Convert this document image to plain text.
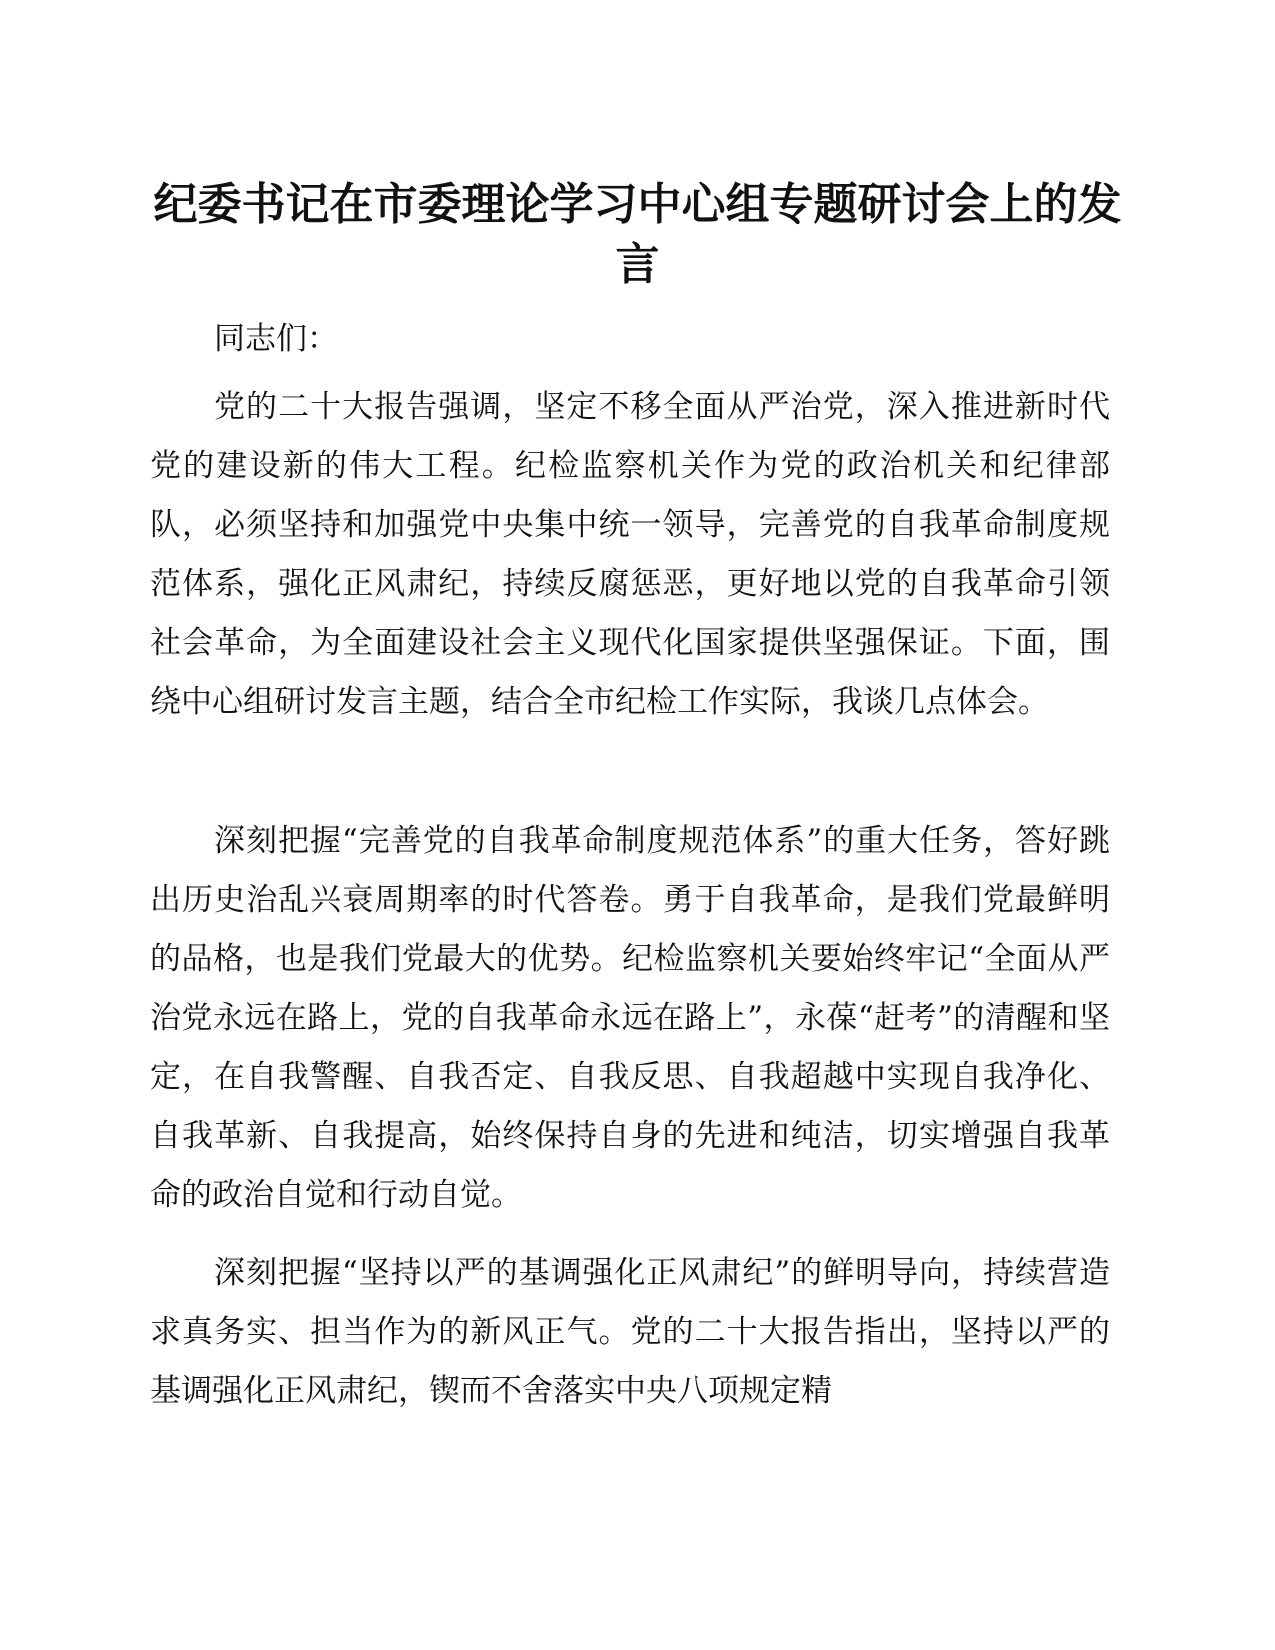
纪委书记在市委理论学习中心组专题研讨会上的发言

同志们：

党的二十大报告强调，坚定不移全面从严治党，深入推进新时代党的建设新的伟大工程。纪检监察机关作为党的政治机关和纪律部队，必须坚持和加强党中央集中统一领导，完善党的自我革命制度规范体系，强化正风肃纪，持续反腐惩恶，更好地以党的自我革命引领社会革命，为全面建设社会主义现代化国家提供坚强保证。下面，围绕中心组研讨发言主题，结合全市纪检工作实际，我谈几点体会。

深刻把握“完善党的自我革命制度规范体系”的重大任务，答好跳出历史治乱兴衰周期率的时代答卷。勇于自我革命，是我们党最鲜明的品格，也是我们党最大的优势。纪检监察机关要始终牢记“全面从严治党永远在路上，党的自我革命永远在路上”，永葆“赶考”的清醒和坚定，在自我警醒、自我否定、自我反思、自我超越中实现自我净化、自我革新、自我提高，始终保持自身的先进和纯洁，切实增强自我革命的政治自觉和行动自觉。

深刻把握“坚持以严的基调强化正风肃纪”的鲜明导向，持续营造求真务实、担当作为的新风正气。党的二十大报告指出，坚持以严的基调强化正风肃纪，锲而不舍落实中央八项规定精
